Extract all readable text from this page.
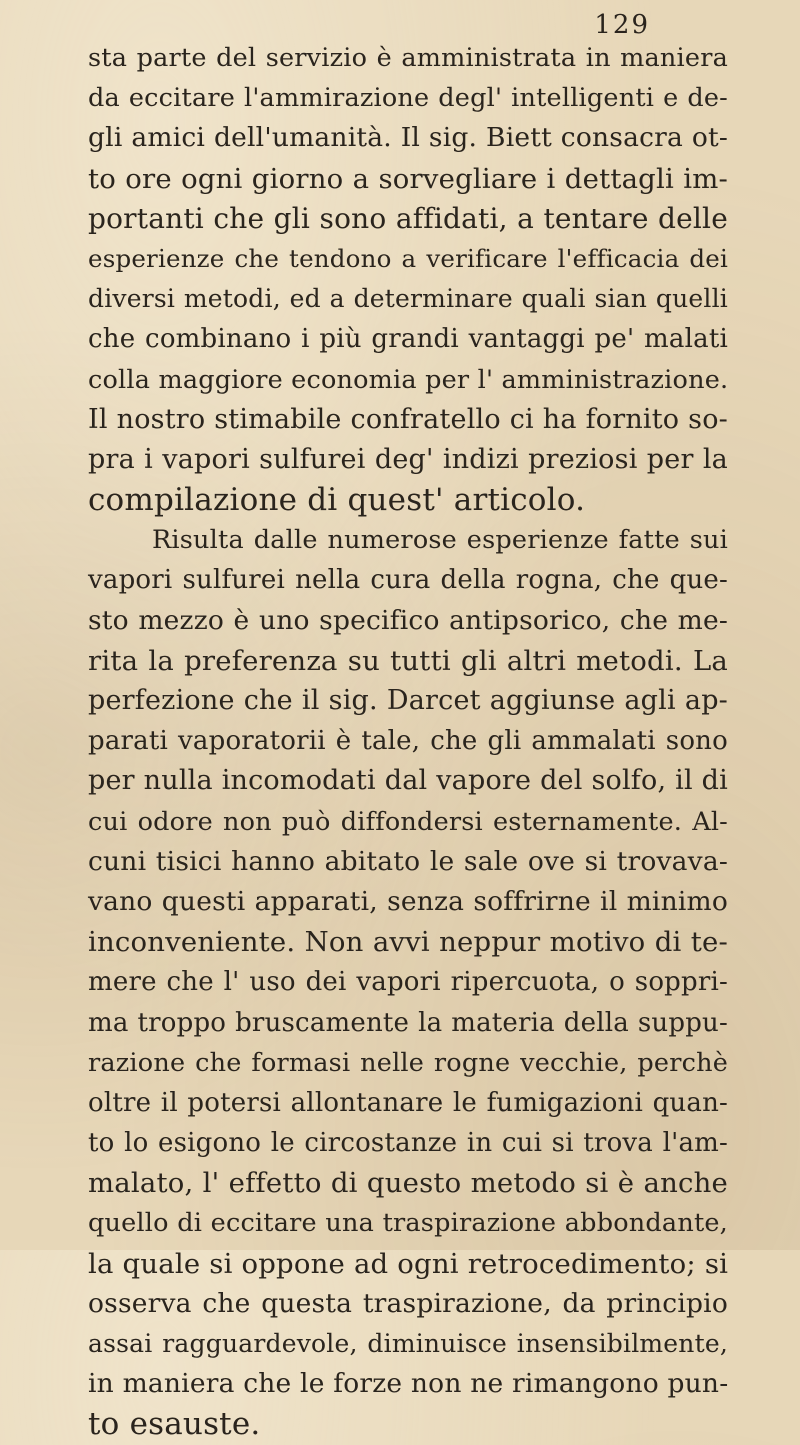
129
sta parte del servizio è amministrata in maniera
da eccitare l'ammirazione degl' intelligenti e de-
gli amici dell'umanità. Il sig. Biett consacra ot-
to ore ogni giorno a sorvegliare i dettagli im-
portanti che gli sono affidati, a tentare delle
esperienze che tendono a verificare l'efficacia dei
diversi metodi, ed a determinare quali sian quelli
che combinano i più grandi vantaggi pe' malati
colla maggiore economia per l' amministrazione.
Il nostro stimabile confratello ci ha fornito so-
pra i vapori sulfurei deg' indizi preziosi per la
compilazione di quest' articolo.
Risulta dalle numerose esperienze fatte sui
vapori sulfurei nella cura della rogna, che que-
sto mezzo è uno specifico antipsorico, che me-
rita la preferenza su tutti gli altri metodi. La
perfezione che il sig. Darcet aggiunse agli ap-
parati vaporatorii è tale, che gli ammalati sono
per nulla incomodati dal vapore del solfo, il di
cui odore non può diffondersi esternamente. Al-
cuni tisici hanno abitato le sale ove si trovava-
vano questi apparati, senza soffrirne il minimo
inconveniente. Non avvi neppur motivo di te-
mere che l' uso dei vapori ripercuota, o soppri-
ma troppo bruscamente la materia della suppu-
razione che formasi nelle rogne vecchie, perchè
oltre il potersi allontanare le fumigazioni quan-
to lo esigono le circostanze in cui si trova l'am-
malato, l' effetto di questo metodo si è anche
quello di eccitare una traspirazione abbondante,
la quale si oppone ad ogni retrocedimento; si
osserva che questa traspirazione, da principio
assai ragguardevole, diminuisce insensibilmente,
in maniera che le forze non ne rimangono pun-
to esauste.
